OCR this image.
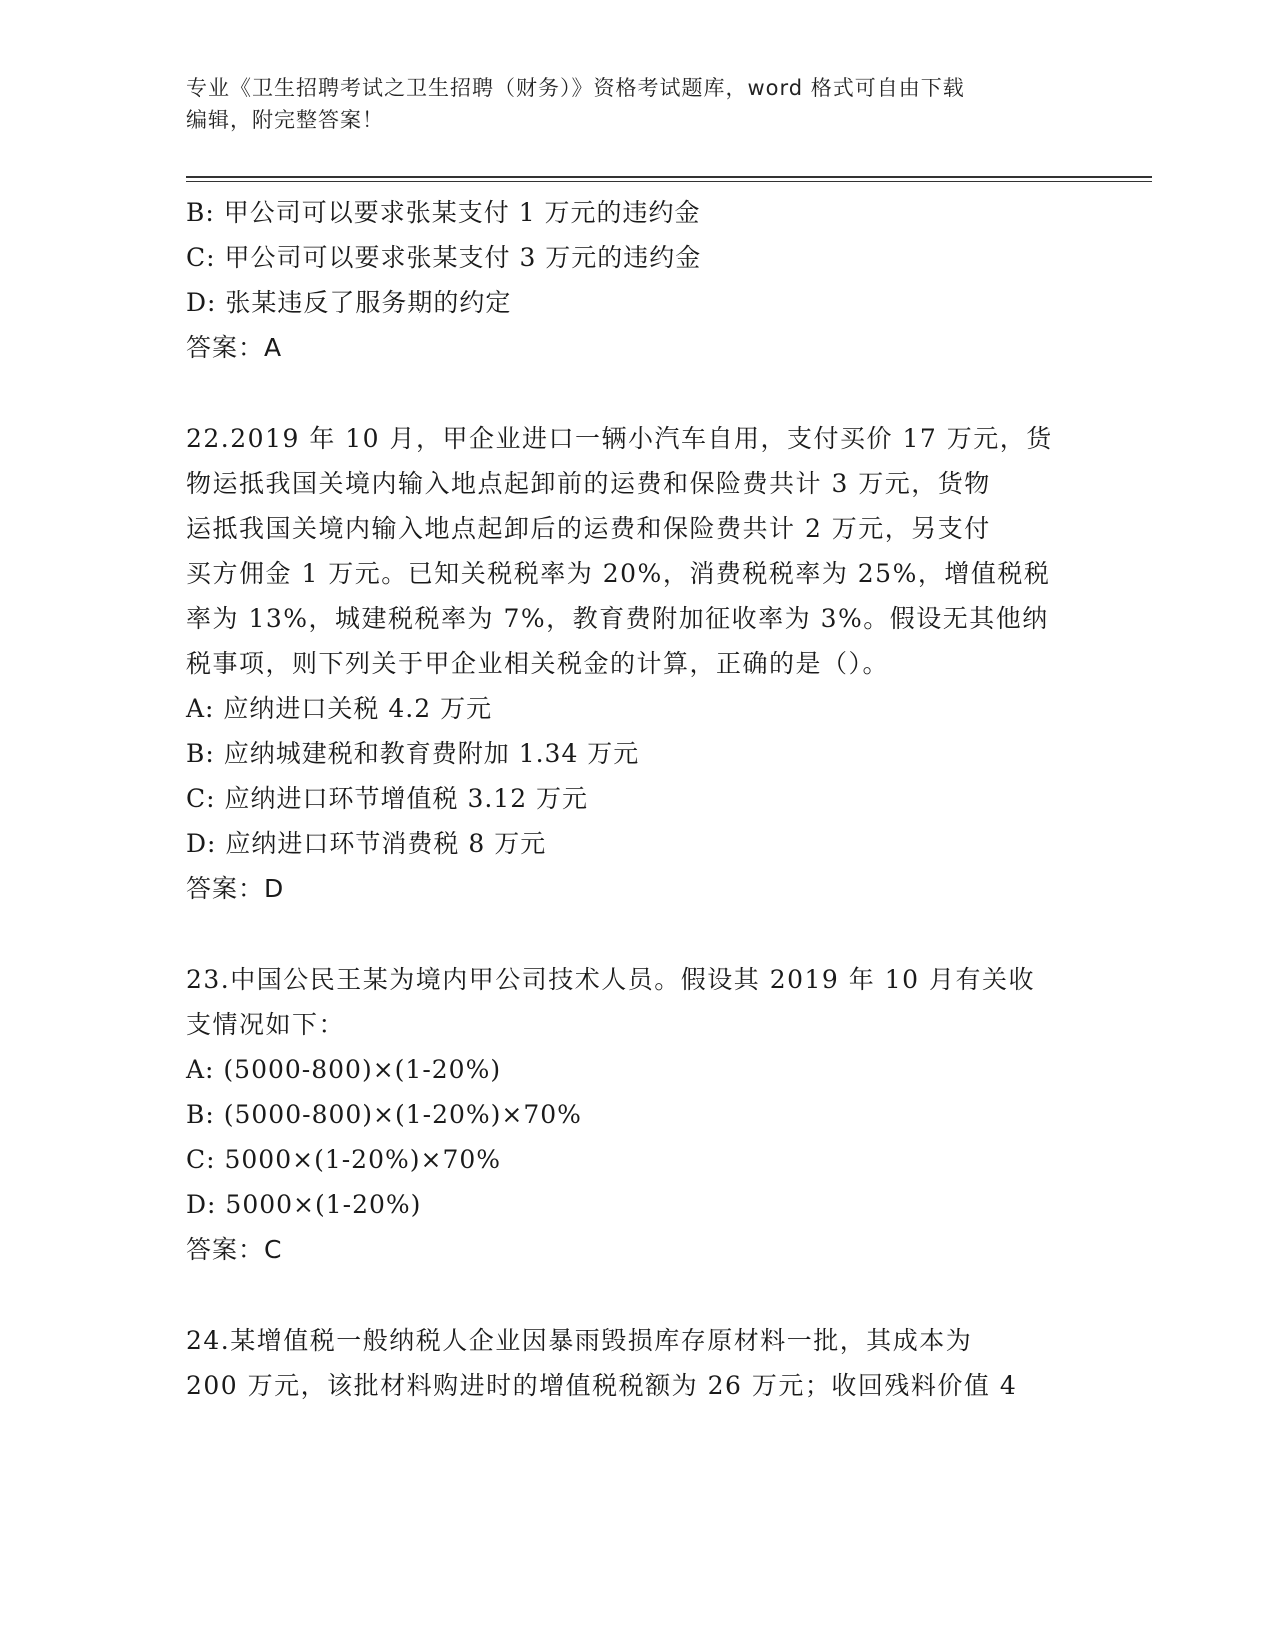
专业《卫生招聘考试之卫生招聘（财务）》资格考试题库，word 格式可自由下载
编辑，附完整答案！
B: 甲公司可以要求张某支付 1 万元的违约金
C: 甲公司可以要求张某支付 3 万元的违约金
D: 张某违反了服务期的约定
答案：A
22.2019 年 10 月，甲企业进口一辆小汽车自用，支付买价 17 万元，货
物运抵我国关境内输入地点起卸前的运费和保险费共计 3 万元，货物
运抵我国关境内输入地点起卸后的运费和保险费共计 2 万元，另支付
买方佣金 1 万元。已知关税税率为 20%，消费税税率为 25%，增值税税
率为 13%，城建税税率为 7%，教育费附加征收率为 3%。假设无其他纳
税事项，则下列关于甲企业相关税金的计算，正确的是（）。
A: 应纳进口关税 4.2 万元
B: 应纳城建税和教育费附加 1.34 万元
C: 应纳进口环节增值税 3.12 万元
D: 应纳进口环节消费税 8 万元
答案：D
23.中国公民王某为境内甲公司技术人员。假设其 2019 年 10 月有关收
支情况如下：
A: (5000-800)×(1-20%)
B: (5000-800)×(1-20%)×70%
C: 5000×(1-20%)×70%
D: 5000×(1-20%)
答案：C
24.某增值税一般纳税人企业因暴雨毁损库存原材料一批，其成本为
200 万元，该批材料购进时的增值税税额为 26 万元；收回残料价值 4
